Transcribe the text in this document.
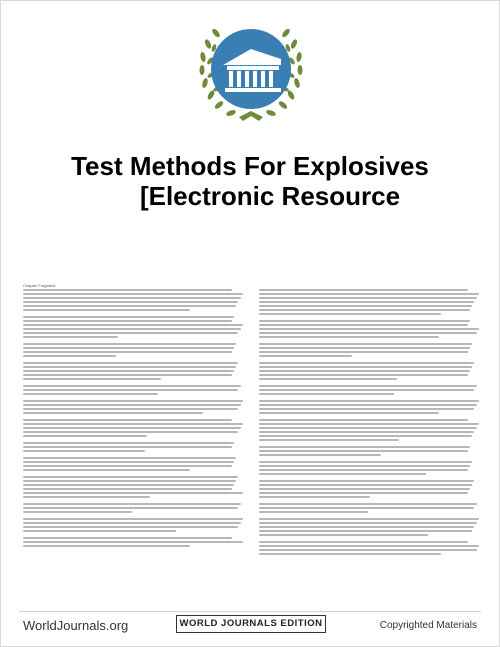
Test Methods For Explosives
[Electronic Resource
Chapter Fragment
WorldJournals.org	WORLD JOURNALS EDITION	Copyrighted Materials
